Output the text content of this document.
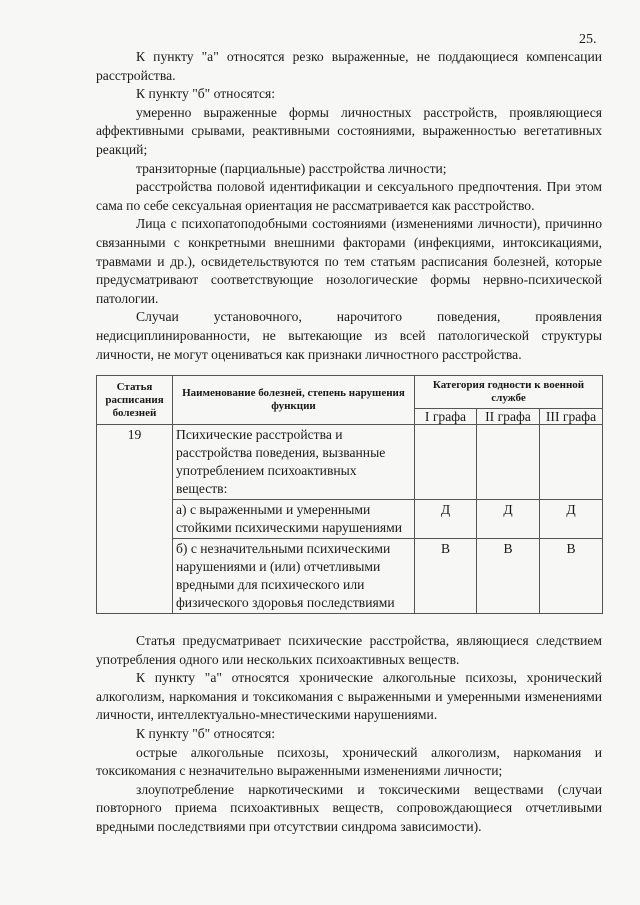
25.

К пункту "а" относятся резко выраженные, не поддающиеся компенсации расстройства.

К пункту "б" относятся:

умеренно выраженные формы личностных расстройств, проявляющиеся аффективными срывами, реактивными состояниями, выраженностью вегетативных реакций;

транзиторные (парциальные) расстройства личности;

расстройства половой идентификации и сексуального предпочтения. При этом сама по себе сексуальная ориентация не рассматривается как расстройство.

Лица с психопатоподобными состояниями (изменениями личности), причинно связанными с конкретными внешними факторами (инфекциями, интоксикациями, травмами и др.), освидетельствуются по тем статьям расписания болезней, которые предусматривают соответствующие нозологические формы нервно-психической патологии.

Случаи установочного, нарочитого поведения, проявления недисциплинированности, не вытекающие из всей патологической структуры личности, не могут оцениваться как признаки личностного расстройства.

Статья расписания болезней	Наименование болезней, степень нарушения функции	Категория годности к военной службе		
		I графа	II графа	III графа
19	Психические расстройства и расстройства поведения, вызванные употреблением психоактивных веществ:			
	а) с выраженными и умеренными стойкими психическими нарушениями	Д	Д	Д
	б) с незначительными психическими нарушениями и (или) отчетливыми вредными для психического или физического здоровья последствиями	В	В	В

Статья предусматривает психические расстройства, являющиеся следствием употребления одного или нескольких психоактивных веществ.

К пункту "а" относятся хронические алкогольные психозы, хронический алкоголизм, наркомания и токсикомания с выраженными и умеренными изменениями личности, интеллектуально-мнестическими нарушениями.

К пункту "б" относятся:

острые алкогольные психозы, хронический алкоголизм, наркомания и токсикомания с незначительно выраженными изменениями личности;

злоупотребление наркотическими и токсическими веществами (случаи повторного приема психоактивных веществ, сопровождающиеся отчетливыми вредными последствиями при отсутствии синдрома зависимости).
